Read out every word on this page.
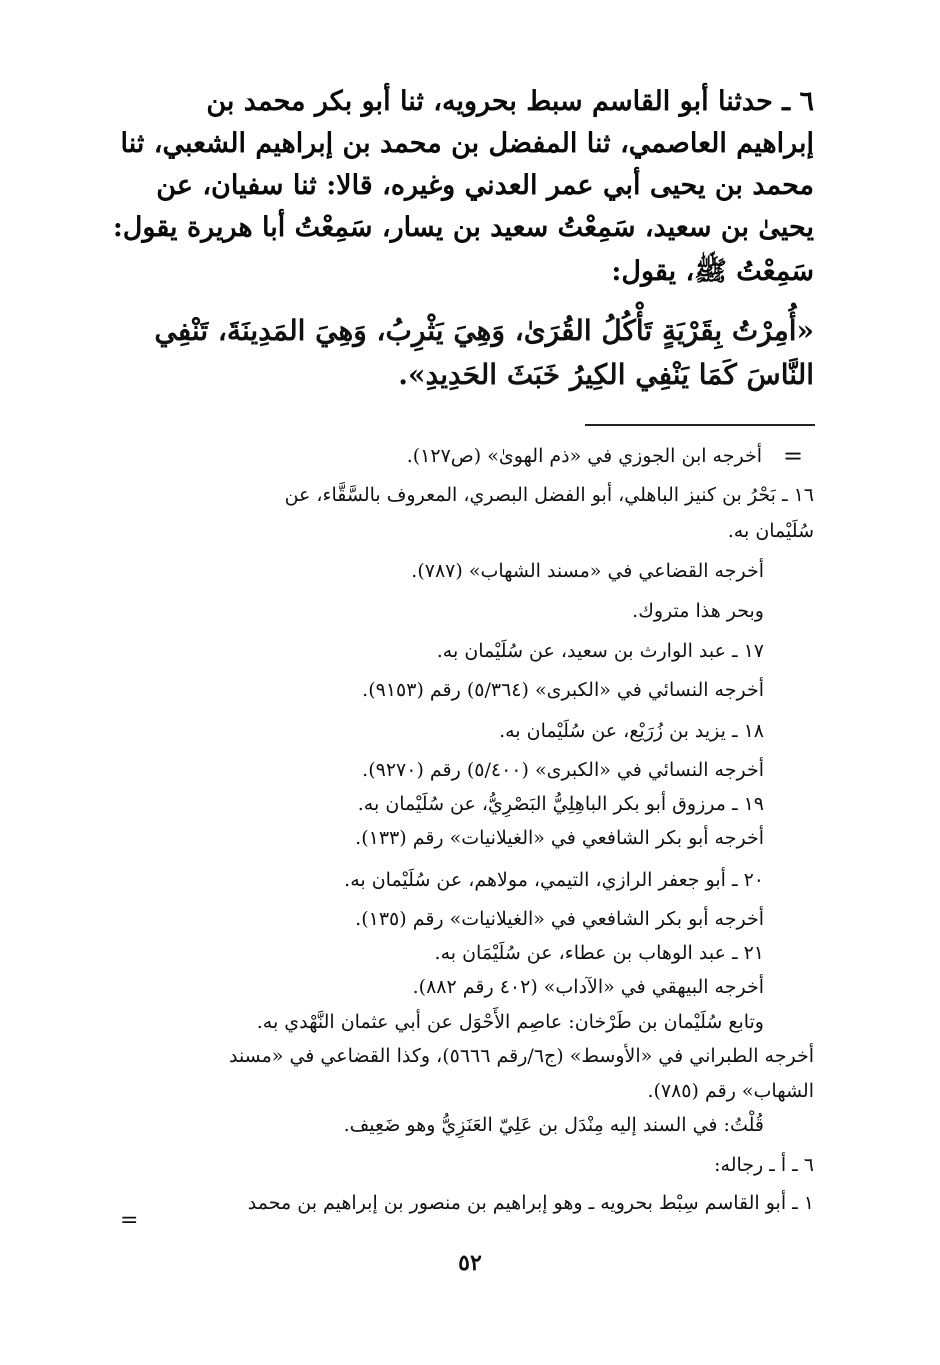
٦ ـ حدثنا أبو القاسم سبط بحرويه، ثنا أبو بكر محمد بن

إبراهيم العاصمي، ثنا المفضل بن محمد بن إبراهيم الشعبي، ثنا

محمد بن يحيى أبي عمر العدني وغيره، قالا: ثنا سفيان، عن

يحيىٰ بن سعيد، سَمِعْتُ سعيد بن يسار، سَمِعْتُ أبا هريرة يقول:

سَمِعْتُ ﷺ، يقول:

«أُمِرْتُ بِقَرْيَةٍ تَأْكُلُ القُرَىٰ، وَهِيَ يَثْرِبُ، وَهِيَ المَدِينَةَ، تَنْفِي

النَّاسَ كَمَا يَنْفِي الكِيرُ خَبَثَ الحَدِيدِ».

=

أخرجه ابن الجوزي في «ذم الهوىٰ» (ص١٢٧).

١٦ ـ بَحْرُ بن كنيز الباهلي، أبو الفضل البصري، المعروف بالسَّقَّاء، عن

سُلَيْمان به.

أخرجه القضاعي في «مسند الشهاب» (٧٨٧).

وبحر هذا متروك.

١٧ ـ عبد الوارث بن سعيد، عن سُلَيْمان به.

أخرجه النسائي في «الكبرى» (٥/٣٦٤) رقم (٩١٥٣).

١٨ ـ يزيد بن زُرَيْع، عن سُلَيْمان به.

أخرجه النسائي في «الكبرى» (٥/٤٠٠) رقم (٩٢٧٠).

١٩ ـ مرزوق أبو بكر الباهِلِيُّ البَصْرِيُّ، عن سُلَيْمان به.

أخرجه أبو بكر الشافعي في «الغيلانيات» رقم (١٣٣).

٢٠ ـ أبو جعفر الرازي، التيمي، مولاهم، عن سُلَيْمان به.

أخرجه أبو بكر الشافعي في «الغيلانيات» رقم (١٣٥).

٢١ ـ عبد الوهاب بن عطاء، عن سُلَيْمَان به.

أخرجه البيهقي في «الآداب» (٤٠٢ رقم ٨٨٢).

وتابع سُلَيْمان بن طَرْخان: عاصِم الأَحْوَل عن أبي عثمان النَّهْدي به.

أخرجه الطبراني في «الأوسط» (ج٦/رقم ٥٦٦٦)، وكذا القضاعي في «مسند

الشهاب» رقم (٧٨٥).

قُلْتُ: في السند إليه مِنْدَل بن عَلِيّ العَنَزِيُّ وهو ضَعِيف.

٦ ـ أ ـ رجاله:

١ ـ أبو القاسم سِبْط بحرويه ـ وهو إبراهيم بن منصور بن إبراهيم بن محمد

=
٥٢
